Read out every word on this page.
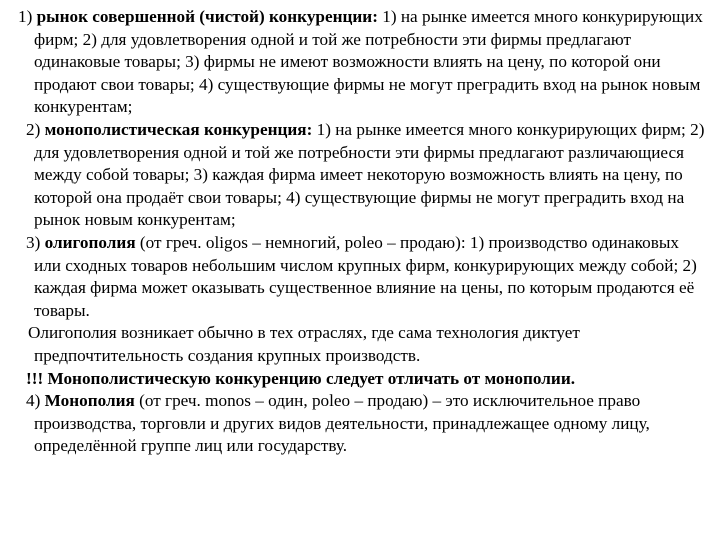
1) рынок совершенной (чистой) конкуренции: 1) на рынке имеется много конкурирующих фирм; 2) для удовлетворения одной и той же потребности эти фирмы предлагают одинаковые товары; 3) фирмы не имеют возможности влиять на цену, по которой они продают свои товары; 4) существующие фирмы не могут преградить вход на рынок новым конкурентам;

2) монополистическая конкуренция: 1) на рынке имеется много конкурирующих фирм; 2) для удовлетворения одной и той же потребности эти фирмы предлагают различающиеся между собой товары; 3) каждая фирма имеет некоторую возможность влиять на цену, по которой она продаёт свои товары; 4) существующие фирмы не могут преградить вход на рынок новым конкурентам;

3) олигополия (от греч. oligos – немногий, poleo – продаю): 1) производство одинаковых или сходных товаров небольшим числом крупных фирм, конкурирующих между собой; 2) каждая фирма может оказывать существенное влияние на цены, по которым продаются её товары.

Олигополия возникает обычно в тех отраслях, где сама технология диктует предпочтительность создания крупных производств.

!!! Монополистическую конкуренцию следует отличать от монополии.

4) Монополия (от греч. monos – один, poleo – продаю) – это исключительное право производства, торговли и других видов деятельности, принадлежащее одному лицу, определённой группе лиц или государству.
